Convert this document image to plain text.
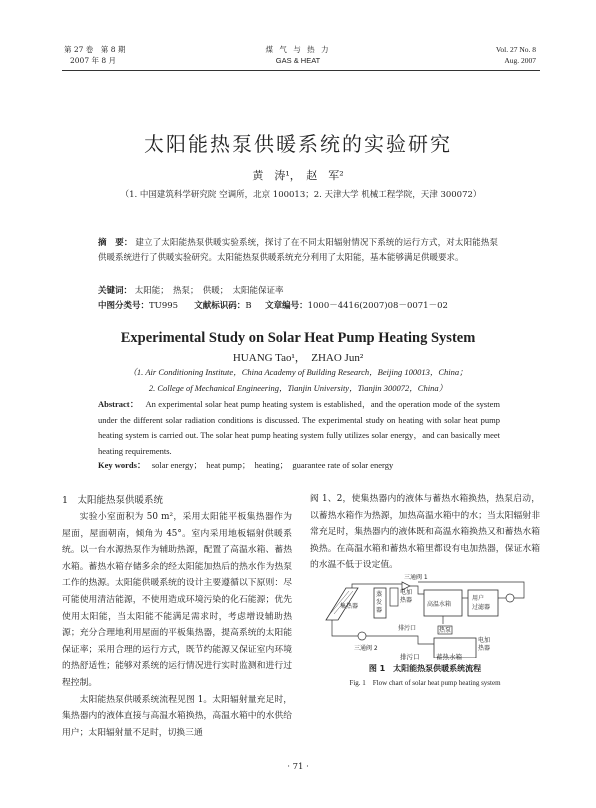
第 27 卷　第 8 期
2007 年 8 月
煤 气 与 热 力
GAS & HEAT
Vol. 27 No. 8
Aug. 2007
太阳能热泵供暖系统的实验研究
黄　涛¹，　赵　军²
（1. 中国建筑科学研究院 空调所，北京 100013；2. 天津大学 机械工程学院，天津 300072）
摘　要： 建立了太阳能热泵供暖实验系统，探讨了在不同太阳辐射情况下系统的运行方式，对太阳能热泵供暖系统进行了供暖实验研究。太阳能热泵供暖系统充分利用了太阳能，基本能够满足供暖要求。
关键词： 太阳能；　热泵；　供暖；　太阳能保证率
中图分类号：TU995 文献标识码：B 文章编号：1000－4416(2007)08－0071－02
Experimental Study on Solar Heat Pump Heating System
HUANG Tao¹，　ZHAO Jun²
（1. Air Conditioning Institute，China Academy of Building Research，Beijing 100013，China；
2. College of Mechanical Engineering，Tianjin University，Tianjin 300072，China）
Abstract： An experimental solar heat pump heating system is established，and the operation mode of the system under the different solar radiation conditions is discussed. The experimental study on heating with solar heat pump heating system is carried out. The solar heat pump heating system fully utilizes solar energy，and can basically meet heating requirements.
Key words： solar energy；　heat pump；　heating；　guarantee rate of solar energy
1　太阳能热泵供暖系统

实验小室面积为 50 m²，采用太阳能平板集热器作为屋面，屋面朝南，倾角为 45°。室内采用地板辐射供暖系统。以一台水源热泵作为辅助热源，配置了高温水箱、蓄热水箱。蓄热水箱存储多余的经太阳能加热后的热水作为热泵工作的热源。太阳能供暖系统的设计主要遵循以下原则：尽可能使用清洁能源，不使用造成环境污染的化石能源；优先使用太阳能，当太阳能不能满足需求时，考虑增设辅助热源；充分合理地利用屋面的平板集热器，提高系统的太阳能保证率；采用合理的运行方式，既节约能源又保证室内环境的热舒适性；能够对系统的运行情况进行实时监测和进行过程控制。

太阳能热泵供暖系统流程见图 1。太阳辐射量充足时，集热器内的液体直接与高温水箱换热，高温水箱中的水供给用户；太阳辐射量不足时，切换三通

阀 1、2，使集热器内的液体与蓄热水箱换热，热泵启动，以蓄热水箱作为热源，加热高温水箱中的水；当太阳辐射非常充足时，集热器内的液体既和高温水箱换热又和蓄热水箱换热。在高温水箱和蓄热水箱里都设有电加热器，保证水箱的水温不低于设定值。

集热器
三通阀 1
蒸
发
器
电加
热器
高温水箱
用户
过滤器
排污口	热泵
三通阀 2
电加
热器
蓄热水箱
排污口
图 1　太阳能热泵供暖系统流程
Fig. 1　Flow chart of solar heat pump heating system
· 71 ·
